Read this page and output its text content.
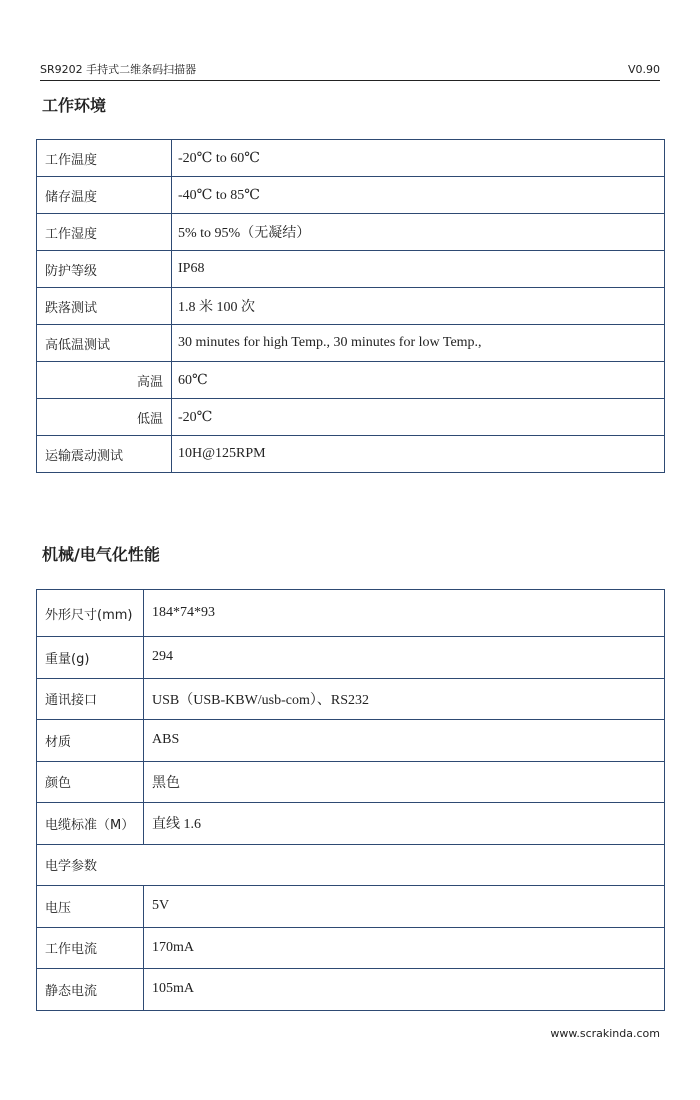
SR9202 手持式二维条码扫描器	V0.90
工作环境
工作温度	-20℃ to 60℃
储存温度	-40℃ to 85℃
工作湿度	5% to 95%（无凝结）
防护等级	IP68
跌落测试	1.8 米 100 次
高低温测试	30 minutes for high Temp., 30 minutes for low Temp.,
高温	60℃
低温	-20℃
运输震动测试	10H@125RPM
机械/电气化性能
外形尺寸(mm)	184*74*93
重量(g)	294
通讯接口	USB（USB-KBW/usb-com）、RS232
材质	ABS
颜色	黑色
电缆标准（M）	直线 1.6
电学参数	
电压	5V
工作电流	170mA
静态电流	105mA
www.scrakinda.com
